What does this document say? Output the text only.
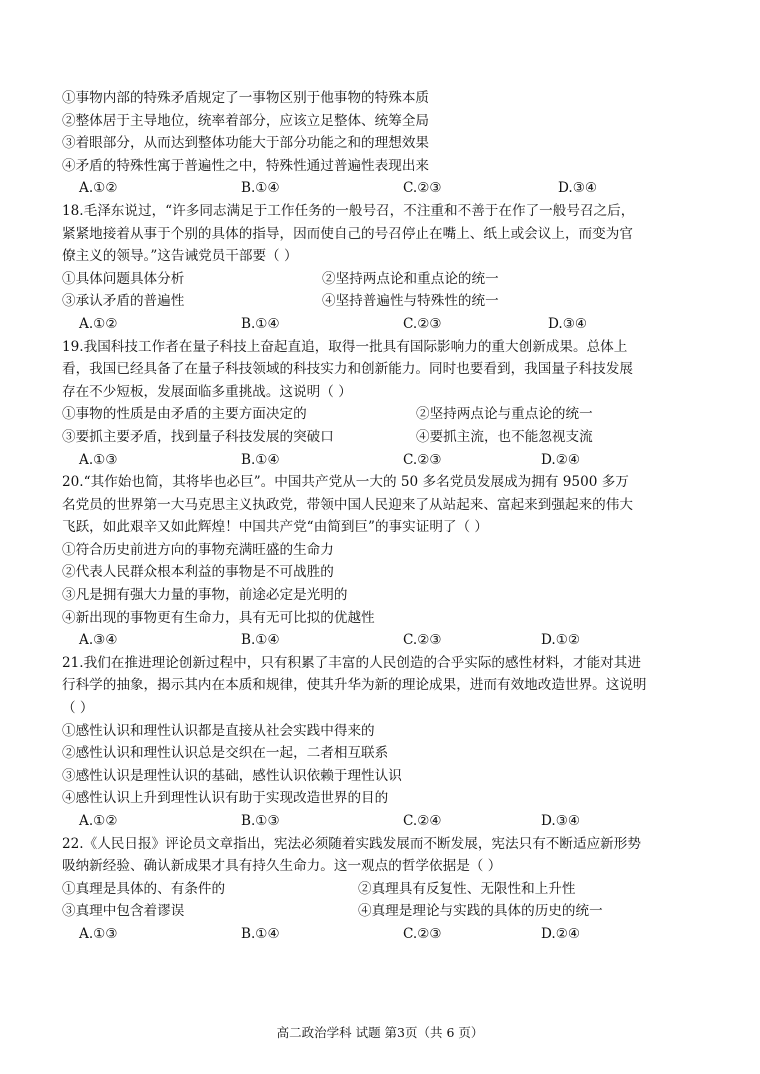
①事物内部的特殊矛盾规定了一事物区别于他事物的特殊本质
②整体居于主导地位，统率着部分，应该立足整体、统筹全局
③着眼部分，从而达到整体功能大于部分功能之和的理想效果
④矛盾的特殊性寓于普遍性之中，特殊性通过普遍性表现出来
A.①②	B.①④	C.②③	D.③④
18.毛泽东说过，“许多同志满足于工作任务的一般号召，不注重和不善于在作了一般号召之后，
紧紧地接着从事于个别的具体的指导，因而使自己的号召停止在嘴上、纸上或会议上，而变为官
僚主义的领导。”这告诫党员干部要（ ）
①具体问题具体分析	②坚持两点论和重点论的统一
③承认矛盾的普遍性	④坚持普遍性与特殊性的统一
A.①②	B.①④	C.②③	D.③④
19.我国科技工作者在量子科技上奋起直追，取得一批具有国际影响力的重大创新成果。总体上
看，我国已经具备了在量子科技领域的科技实力和创新能力。同时也要看到，我国量子科技发展
存在不少短板，发展面临多重挑战。这说明（ ）
①事物的性质是由矛盾的主要方面决定的	②坚持两点论与重点论的统一
③要抓主要矛盾，找到量子科技发展的突破口	④要抓主流，也不能忽视支流
A.①③	B.①④	C.②③	D.②④
20.“其作始也简，其将毕也必巨”。中国共产党从一大的 50 多名党员发展成为拥有 9500 多万
名党员的世界第一大马克思主义执政党，带领中国人民迎来了从站起来、富起来到强起来的伟大
飞跃，如此艰辛又如此辉煌！中国共产党“由简到巨”的事实证明了（ ）
①符合历史前进方向的事物充满旺盛的生命力
②代表人民群众根本利益的事物是不可战胜的
③凡是拥有强大力量的事物，前途必定是光明的
④新出现的事物更有生命力，具有无可比拟的优越性
A.③④	B.①④	C.②③	D.①②
21.我们在推进理论创新过程中，只有积累了丰富的人民创造的合乎实际的感性材料，才能对其进
行科学的抽象，揭示其内在本质和规律，使其升华为新的理论成果，进而有效地改造世界。这说明
（ ）
①感性认识和理性认识都是直接从社会实践中得来的
②感性认识和理性认识总是交织在一起，二者相互联系
③感性认识是理性认识的基础，感性认识依赖于理性认识
④感性认识上升到理性认识有助于实现改造世界的目的
A.①②	B.①③	C.②④	D.③④
22.《人民日报》评论员文章指出，宪法必须随着实践发展而不断发展，宪法只有不断适应新形势
吸纳新经验、确认新成果才具有持久生命力。这一观点的哲学依据是（ ）
①真理是具体的、有条件的	②真理具有反复性、无限性和上升性
③真理中包含着谬误	④真理是理论与实践的具体的历史的统一
A.①③	B.①④	C.②③	D.②④
高二政治学科 试题 第3页（共 6 页）
